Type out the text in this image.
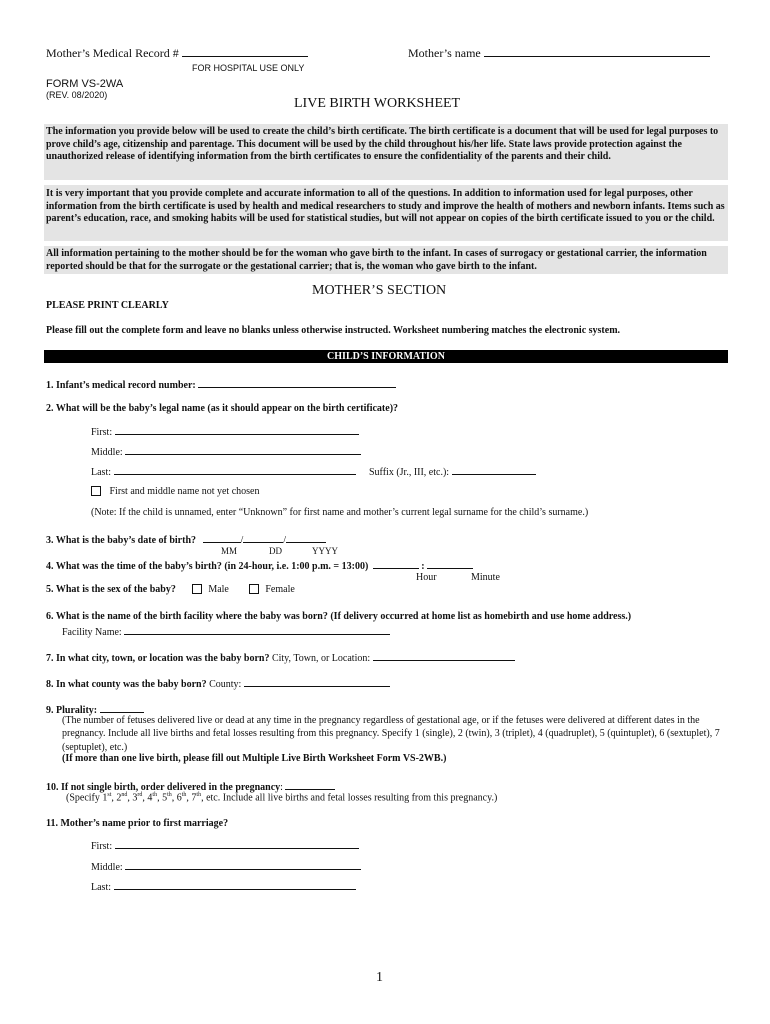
Mother’s Medical Record #
FOR HOSPITAL USE ONLY
Mother’s name
FORM VS-2WA
(REV. 08/2020)
LIVE BIRTH WORKSHEET
The information you provide below will be used to create the child’s birth certificate. The birth certificate is a document that will be used for legal purposes to prove child’s age, citizenship and parentage. This document will be used by the child throughout his/her life. State laws provide protection against the unauthorized release of identifying information from the birth certificates to ensure the confidentiality of the parents and their child.
It is very important that you provide complete and accurate information to all of the questions. In addition to information used for legal purposes, other information from the birth certificate is used by health and medical researchers to study and improve the health of mothers and newborn infants. Items such as parent’s education, race, and smoking habits will be used for statistical studies, but will not appear on copies of the birth certificate issued to you or the child.
All information pertaining to the mother should be for the woman who gave birth to the infant. In cases of surrogacy or gestational carrier, the information reported should be that for the surrogate or the gestational carrier; that is, the woman who gave birth to the infant.
MOTHER’S SECTION
PLEASE PRINT CLEARLY
Please fill out the complete form and leave no blanks unless otherwise instructed. Worksheet numbering matches the electronic system.
CHILD’S INFORMATION
1. Infant’s medical record number:
2. What will be the baby’s legal name (as it should appear on the birth certificate)?
First:
Middle:
Last:	Suffix (Jr., III, etc.):
First and middle name not yet chosen
(Note: If the child is unnamed, enter “Unknown” for first name and mother’s current legal surname for the child’s surname.)
3. What is the baby’s date of birth?	/	/
MM	DD	YYYY
4. What was the time of the baby’s birth? (in 24-hour, i.e. 1:00 p.m. = 13:00)	:
Hour	Minute
5. What is the sex of the baby?	Male	Female
6. What is the name of the birth facility where the baby was born? (If delivery occurred at home list as homebirth and use home address.)
Facility Name:
7. In what city, town, or location was the baby born? City, Town, or Location:
8. In what county was the baby born? County:
9. Plurality:
(The number of fetuses delivered live or dead at any time in the pregnancy regardless of gestational age, or if the fetuses were delivered at different dates in the pregnancy. Include all live births and fetal losses resulting from this pregnancy. Specify 1 (single), 2 (twin), 3 (triplet), 4 (quadruplet), 5 (quintuplet), 6 (sextuplet), 7 (septuplet), etc.)
(If more than one live birth, please fill out Multiple Live Birth Worksheet Form VS-2WB.)
10. If not single birth, order delivered in the pregnancy:
(Specify 1st, 2nd, 3rd, 4th, 5th, 6th, 7th, etc. Include all live births and fetal losses resulting from this pregnancy.)
11. Mother’s name prior to first marriage?
First:
Middle:
Last:
1
